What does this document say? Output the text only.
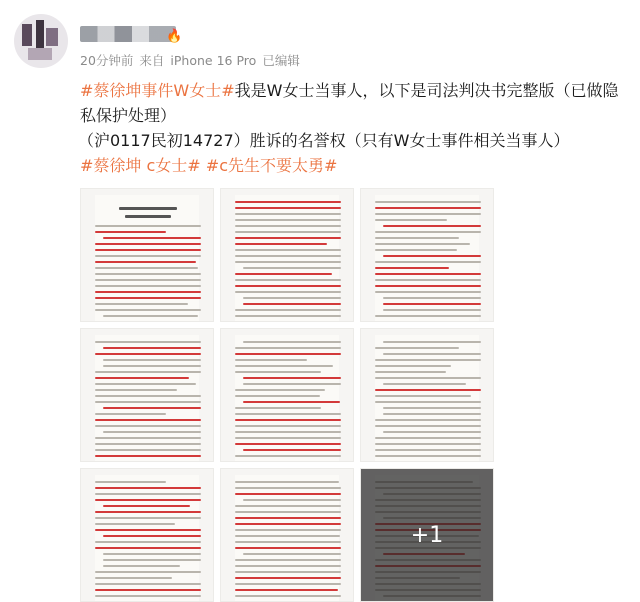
🔥
20分钟前 来自 iPhone 16 Pro 已编辑

#蔡徐坤事件W女士#我是W女士当事人，以下是司法判决书完整版（已做隐私保护处理）

（沪0117民初14727）胜诉的名誉权（只有W女士事件相关当事人）

#蔡徐坤 c女士# #c先生不要太勇#

+1
